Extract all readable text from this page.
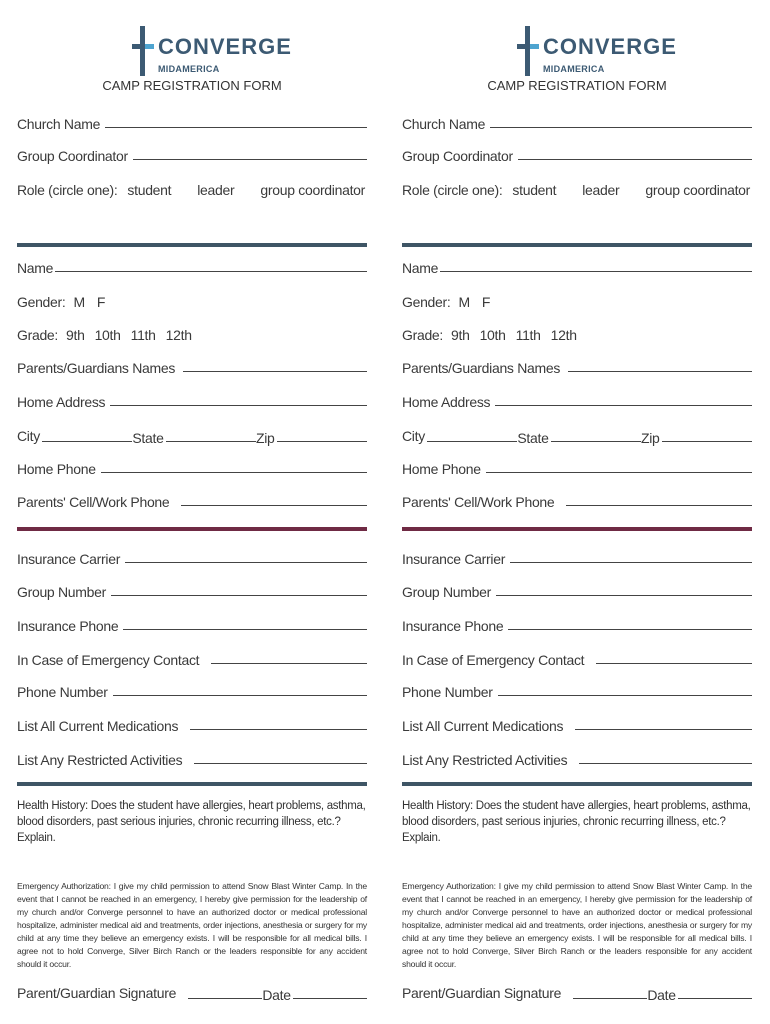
CONVERGE
MIDAMERICA
CAMP REGISTRATION FORM
Church Name
Group Coordinator
Role (circle one): student leader group coordinator
Name
Gender: M F
Grade: 9th 10th 11th 12th
Parents/Guardians Names
Home Address
City	State	Zip
Home Phone
Parents' Cell/Work Phone
Insurance Carrier
Group Number
Insurance Phone
In Case of Emergency Contact
Phone Number
List All Current Medications
List Any Restricted Activities
Health History: Does the student have allergies, heart problems, asthma, blood disorders, past serious injuries, chronic recurring illness, etc.?
Explain.
Emergency Authorization: I give my child permission to attend Snow Blast Winter Camp. In the event that I cannot be reached in an emergency, I hereby give permission for the leadership of my church and/or Converge personnel to have an authorized doctor or medical professional hospitalize, administer medical aid and treatments, order injections, anesthesia or surgery for my child at any time they believe an emergency exists. I will be responsible for all medical bills. I agree not to hold Converge, Silver Birch Ranch or the leaders responsible for any accident should it occur.
Parent/Guardian Signature	Date
CONVERGE
MIDAMERICA
CAMP REGISTRATION FORM
Church Name
Group Coordinator
Role (circle one): student leader group coordinator
Name
Gender: M F
Grade: 9th 10th 11th 12th
Parents/Guardians Names
Home Address
City	State	Zip
Home Phone
Parents' Cell/Work Phone
Insurance Carrier
Group Number
Insurance Phone
In Case of Emergency Contact
Phone Number
List All Current Medications
List Any Restricted Activities
Health History: Does the student have allergies, heart problems, asthma, blood disorders, past serious injuries, chronic recurring illness, etc.?
Explain.
Emergency Authorization: I give my child permission to attend Snow Blast Winter Camp. In the event that I cannot be reached in an emergency, I hereby give permission for the leadership of my church and/or Converge personnel to have an authorized doctor or medical professional hospitalize, administer medical aid and treatments, order injections, anesthesia or surgery for my child at any time they believe an emergency exists. I will be responsible for all medical bills. I agree not to hold Converge, Silver Birch Ranch or the leaders responsible for any accident should it occur.
Parent/Guardian Signature	Date
